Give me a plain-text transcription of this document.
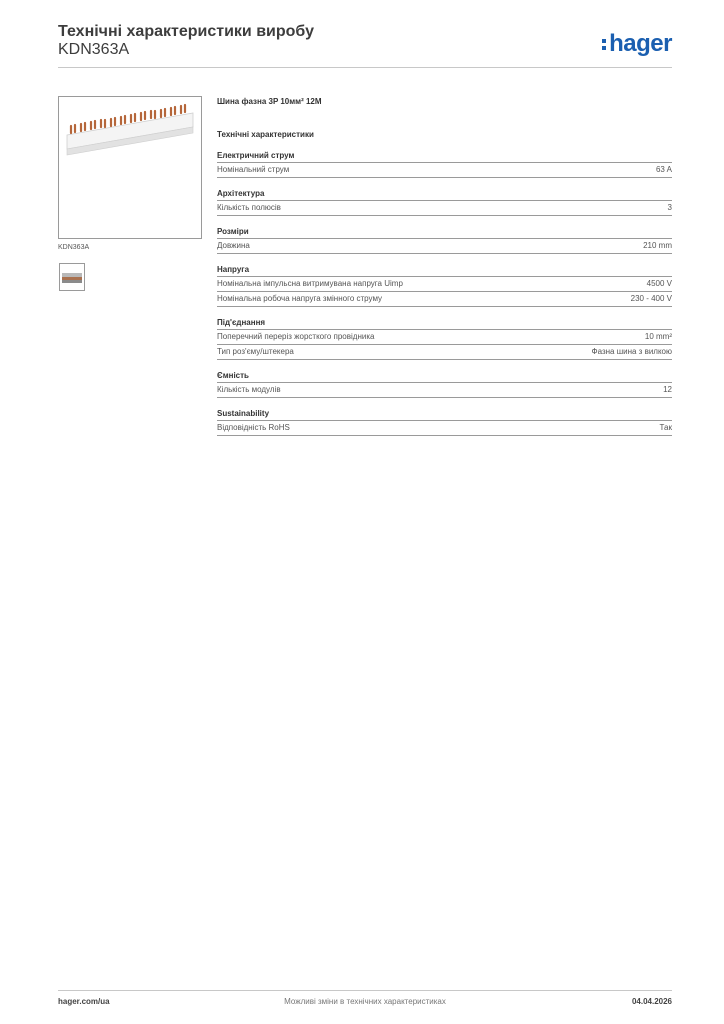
Технічні характеристики виробу
KDN363A	hager
KDN363A
Шина фазна 3P 10мм² 12M
Технічні характеристики
Електричний струм
Номінальний струм	63 A
Архітектура
Кількість полюсів	3
Розміри
Довжина	210 mm
Напруга
Номінальна імпульсна витримувана напруга Uimp	4500 V
Номінальна робоча напруга змінного струму	230 - 400 V
Під'єднання
Поперечний переріз жорсткого провідника	10 mm²
Тип роз'єму/штекера	Фазна шина з вилкою
Ємність
Кількість модулів	12
Sustainability
Відповідність RoHS	Так
hager.com/ua	Можливі зміни в технічних характеристиках	04.04.2026
